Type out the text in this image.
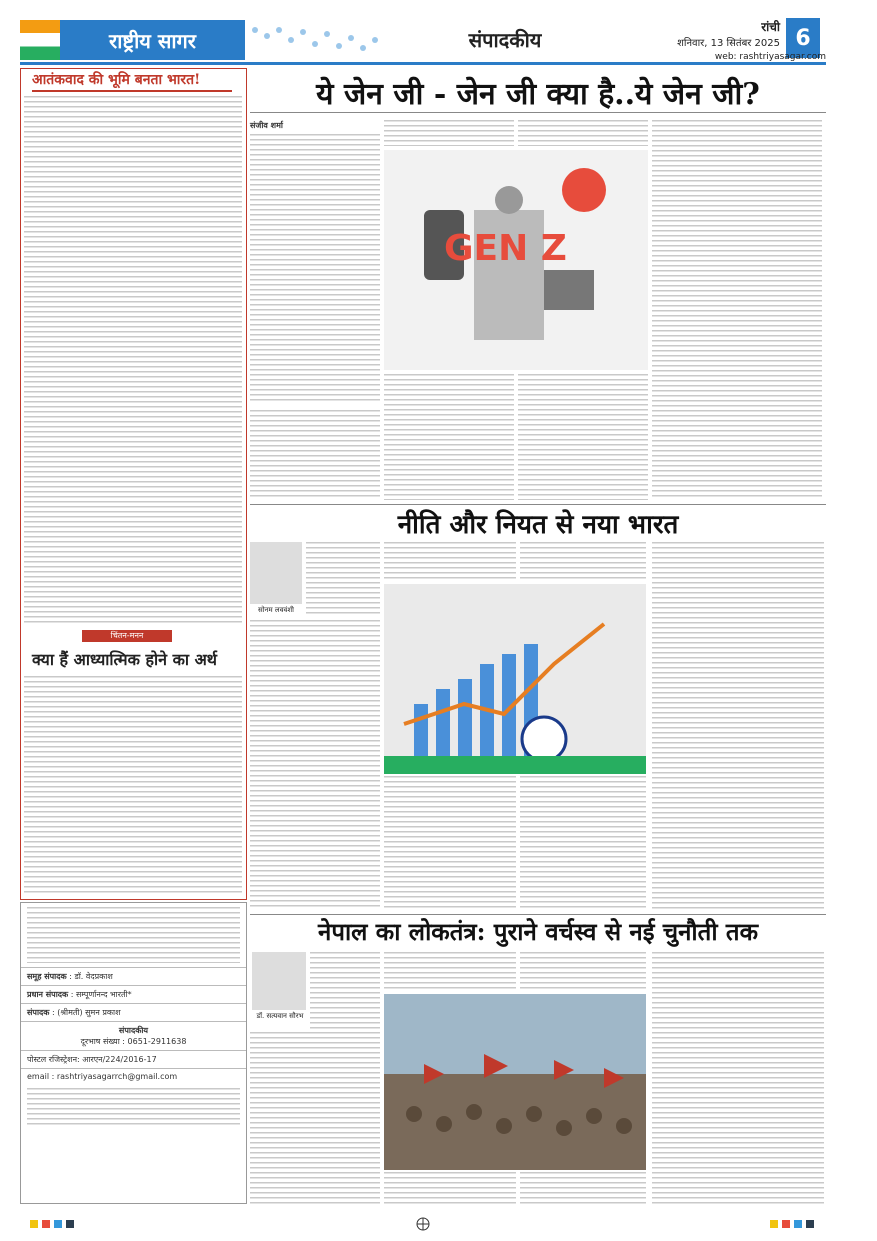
राष्ट्रीय सागर	संपादकीय
रांची
शनिवार, 13 सितंबर 2025 6
web: rashtriyasagar.com
आतंकवाद की भूमि बनता भारत!
चिंतन-मनन
क्या हैं आध्यात्मिक होने का अर्थ
समूह संपादक : डॉ. वेदप्रकाश
प्रधान संपादक : सम्पूर्णानन्द भारती*
संपादक : (श्रीमती) सुमन प्रकाश
संपादकीय
दूरभाष संख्या : 0651-2911638
पोस्टल रजिस्ट्रेशन: आरएन/224/2016-17
email : rashtriyasagarrch@gmail.com
ये जेन जी - जेन जी क्या है..ये जेन जी?
संजीव शर्मा
GEN Z
नीति और नियत से नया भारत
सोनम लववंशी
नेपाल का लोकतंत्र: पुराने वर्चस्व से नई चुनौती तक
डॉ. सत्यवान सौरभ
